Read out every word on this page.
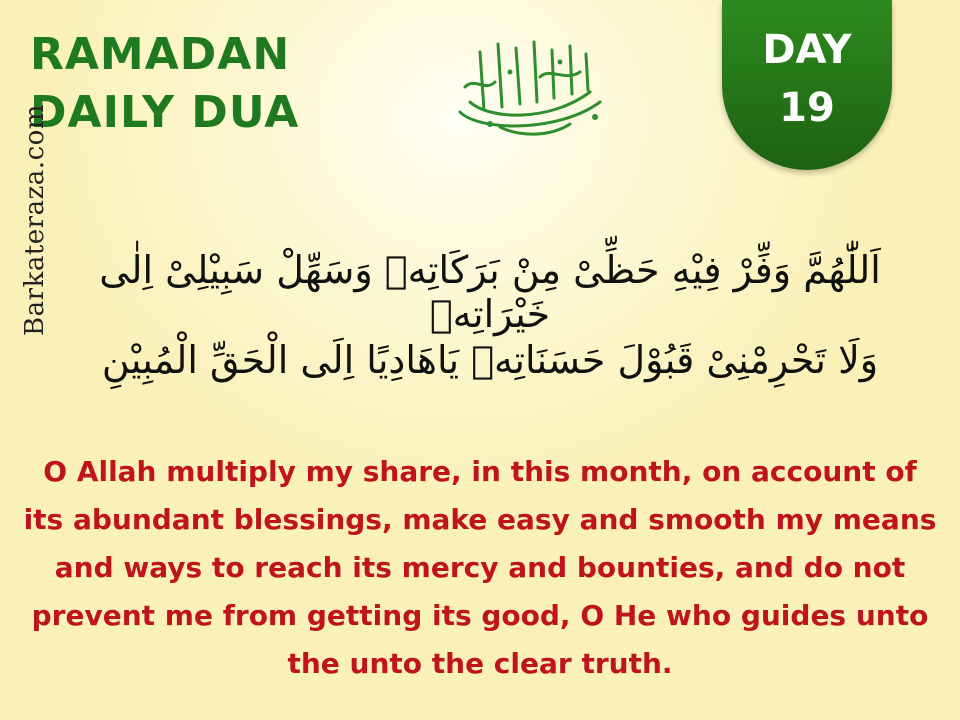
RAMADAN
DAILY DUA
DAY
19
Barkateraza.com اَللّٰهُمَّ وَفِّرْ فِيْهِ حَظِّىْ مِنْ بَرَكَاتِهٖ وَسَهِّلْ سَبِيْلِىْ اِلٰى خَيْرَاتِهٖ
وَلَا تَحْرِمْنِىْ قَبُوْلَ حَسَنَاتِهٖ يَاهَادِيًا اِلَى الْحَقِّ الْمُبِيْنِ

O Allah multiply my share, in this month, on account of its abundant blessings, make easy and smooth my means and ways to reach its mercy and bounties, and do not prevent me from getting its good, O He who guides unto the unto the clear truth.
